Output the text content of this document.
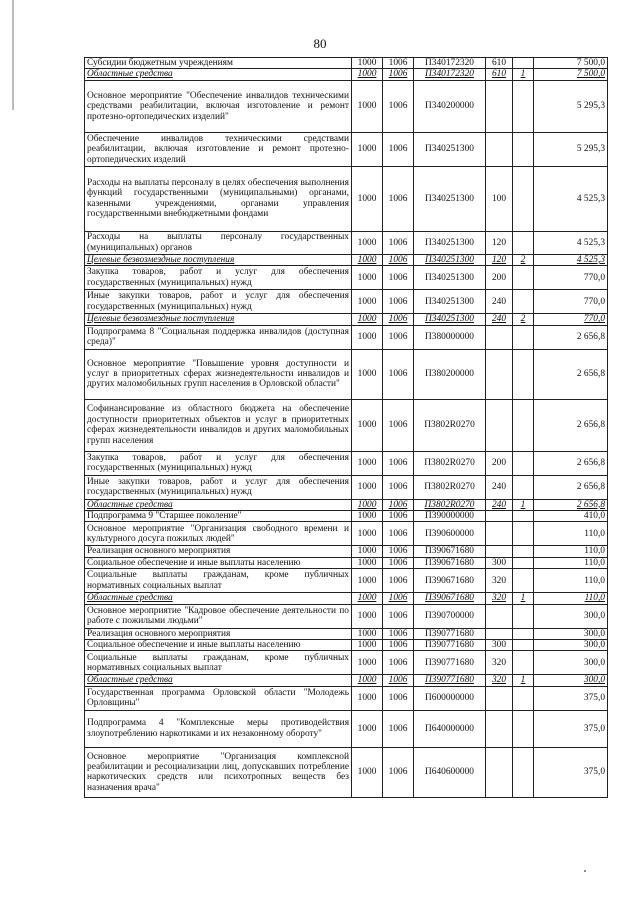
80
Субсидии бюджетным учреждениям	1000	1006	П340172320	610		7 500,0
Областные средства	1000	1006	П340172320	610	1	7 500,0
Основное мероприятие "Обеспечение инвалидов техническими средствами реабилитации, включая изготовление и ремонт протезно-ортопедических изделий"	1000	1006	П340200000			5 295,3
Обеспечение инвалидов техническими средствами реабилитации, включая изготовление и ремонт протезно-ортопедических изделий	1000	1006	П340251300			5 295,3
Расходы на выплаты персоналу в целях обеспечения выполнения функций государственными (муниципальными) органами, казенными учреждениями, органами управления государственными внебюджетными фондами	1000	1006	П340251300	100		4 525,3
Расходы на выплаты персоналу государственных (муниципальных) органов	1000	1006	П340251300	120		4 525,3
Целевые безвозмездные поступления	1000	1006	П340251300	120	2	4 525,3
Закупка товаров, работ и услуг для обеспечения государственных (муниципальных) нужд	1000	1006	П340251300	200		770,0
Иные закупки товаров, работ и услуг для обеспечения государственных (муниципальных) нужд	1000	1006	П340251300	240		770,0
Целевые безвозмездные поступления	1000	1006	П340251300	240	2	770,0
Подпрограмма 8 "Социальная поддержка инвалидов (доступная среда)"	1000	1006	П380000000			2 656,8
Основное мероприятие "Повышение уровня доступности и услуг в приоритетных сферах жизнедеятельности инвалидов и других маломобильных групп населения в Орловской области"	1000	1006	П380200000			2 656,8
Софинансирование из областного бюджета на обеспечение доступности приоритетных объектов и услуг в приоритетных сферах жизнедеятельности инвалидов и других маломобильных групп населения	1000	1006	П3802R0270			2 656,8
Закупка товаров, работ и услуг для обеспечения государственных (муниципальных) нужд	1000	1006	П3802R0270	200		2 656,8
Иные закупки товаров, работ и услуг для обеспечения государственных (муниципальных) нужд	1000	1006	П3802R0270	240		2 656,8
Областные средства	1000	1006	П3802R0270	240	1	2 656,8
Подпрограмма 9 "Старшее поколение"	1000	1006	П390000000			410,0
Основное мероприятие "Организация свободного времени и культурного досуга пожилых людей"	1000	1006	П390600000			110,0
Реализация основного мероприятия	1000	1006	П390671680			110,0
Социальное обеспечение и иные выплаты населению	1000	1006	П390671680	300		110,0
Социальные выплаты гражданам, кроме публичных нормативных социальных выплат	1000	1006	П390671680	320		110,0
Областные средства	1000	1006	П390671680	320	1	110,0
Основное мероприятие "Кадровое обеспечение деятельности по работе с пожилыми людьми"	1000	1006	П390700000			300,0
Реализация основного мероприятия	1000	1006	П390771680			300,0
Социальное обеспечение и иные выплаты населению	1000	1006	П390771680	300		300,0
Социальные выплаты гражданам, кроме публичных нормативных социальных выплат	1000	1006	П390771680	320		300,0
Областные средства	1000	1006	П390771680	320	1	300,0
Государственная программа Орловской области "Молодежь Орловщины"	1000	1006	П600000000			375,0
Подпрограмма 4 "Комплексные меры противодействия злоупотреблению наркотиками и их незаконному обороту"	1000	1006	П640000000			375,0
Основное мероприятие "Организация комплексной реабилитации и ресоциализации лиц, допускавших потребление наркотических средств или психотропных веществ без назначения врача"	1000	1006	П640600000			375,0
